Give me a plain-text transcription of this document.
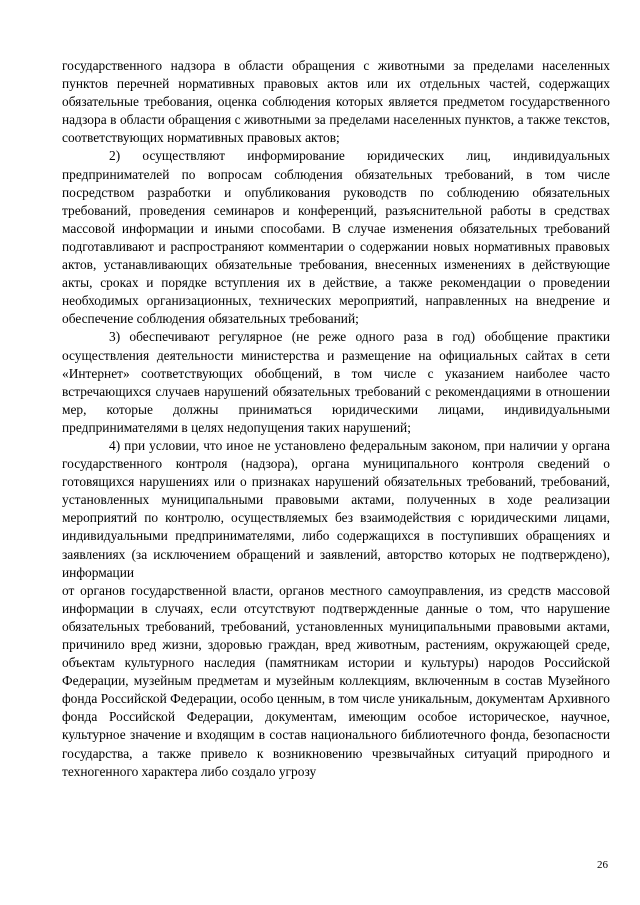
государственного надзора в области обращения с животными за пределами населенных пунктов перечней нормативных правовых актов или их отдельных частей, содержащих обязательные требования, оценка соблюдения которых является предметом государственного надзора в области обращения с животными за пределами населенных пунктов, а также текстов, соответствующих нормативных правовых актов;

2) осуществляют информирование юридических лиц, индивидуальных предпринимателей по вопросам соблюдения обязательных требований, в том числе посредством разработки и опубликования руководств по соблюдению обязательных требований, проведения семинаров и конференций, разъяснительной работы в средствах массовой информации и иными способами. В случае изменения обязательных требований подготавливают и распространяют комментарии о содержании новых нормативных правовых актов, устанавливающих обязательные требования, внесенных изменениях в действующие акты, сроках и порядке вступления их в действие, а также рекомендации о проведении необходимых организационных, технических мероприятий, направленных на внедрение и обеспечение соблюдения обязательных требований;

3) обеспечивают регулярное (не реже одного раза в год) обобщение практики осуществления деятельности министерства и размещение на официальных сайтах в сети «Интернет» соответствующих обобщений, в том числе с указанием наиболее часто встречающихся случаев нарушений обязательных требований с рекомендациями в отношении мер, которые должны приниматься юридическими лицами, индивидуальными предпринимателями в целях недопущения таких нарушений;

4) при условии, что иное не установлено федеральным законом, при наличии у органа государственного контроля (надзора), органа муниципального контроля сведений о готовящихся нарушениях или о признаках нарушений обязательных требований, требований, установленных муниципальными правовыми актами, полученных в ходе реализации мероприятий по контролю, осуществляемых без взаимодействия с юридическими лицами, индивидуальными предпринимателями, либо содержащихся в поступивших обращениях и заявлениях (за исключением обращений и заявлений, авторство которых не подтверждено), информации

от органов государственной власти, органов местного самоуправления, из средств массовой информации в случаях, если отсутствуют подтвержденные данные о том, что нарушение обязательных требований, требований, установленных муниципальными правовыми актами, причинило вред жизни, здоровью граждан, вред животным, растениям, окружающей среде, объектам культурного наследия (памятникам истории и культуры) народов Российской Федерации, музейным предметам и музейным коллекциям, включенным в состав Музейного фонда Российской Федерации, особо ценным, в том числе уникальным, документам Архивного фонда Российской Федерации, документам, имеющим особое историческое, научное, культурное значение и входящим в состав национального библиотечного фонда, безопасности государства, а также привело к возникновению чрезвычайных ситуаций природного и техногенного характера либо создало угрозу

26
